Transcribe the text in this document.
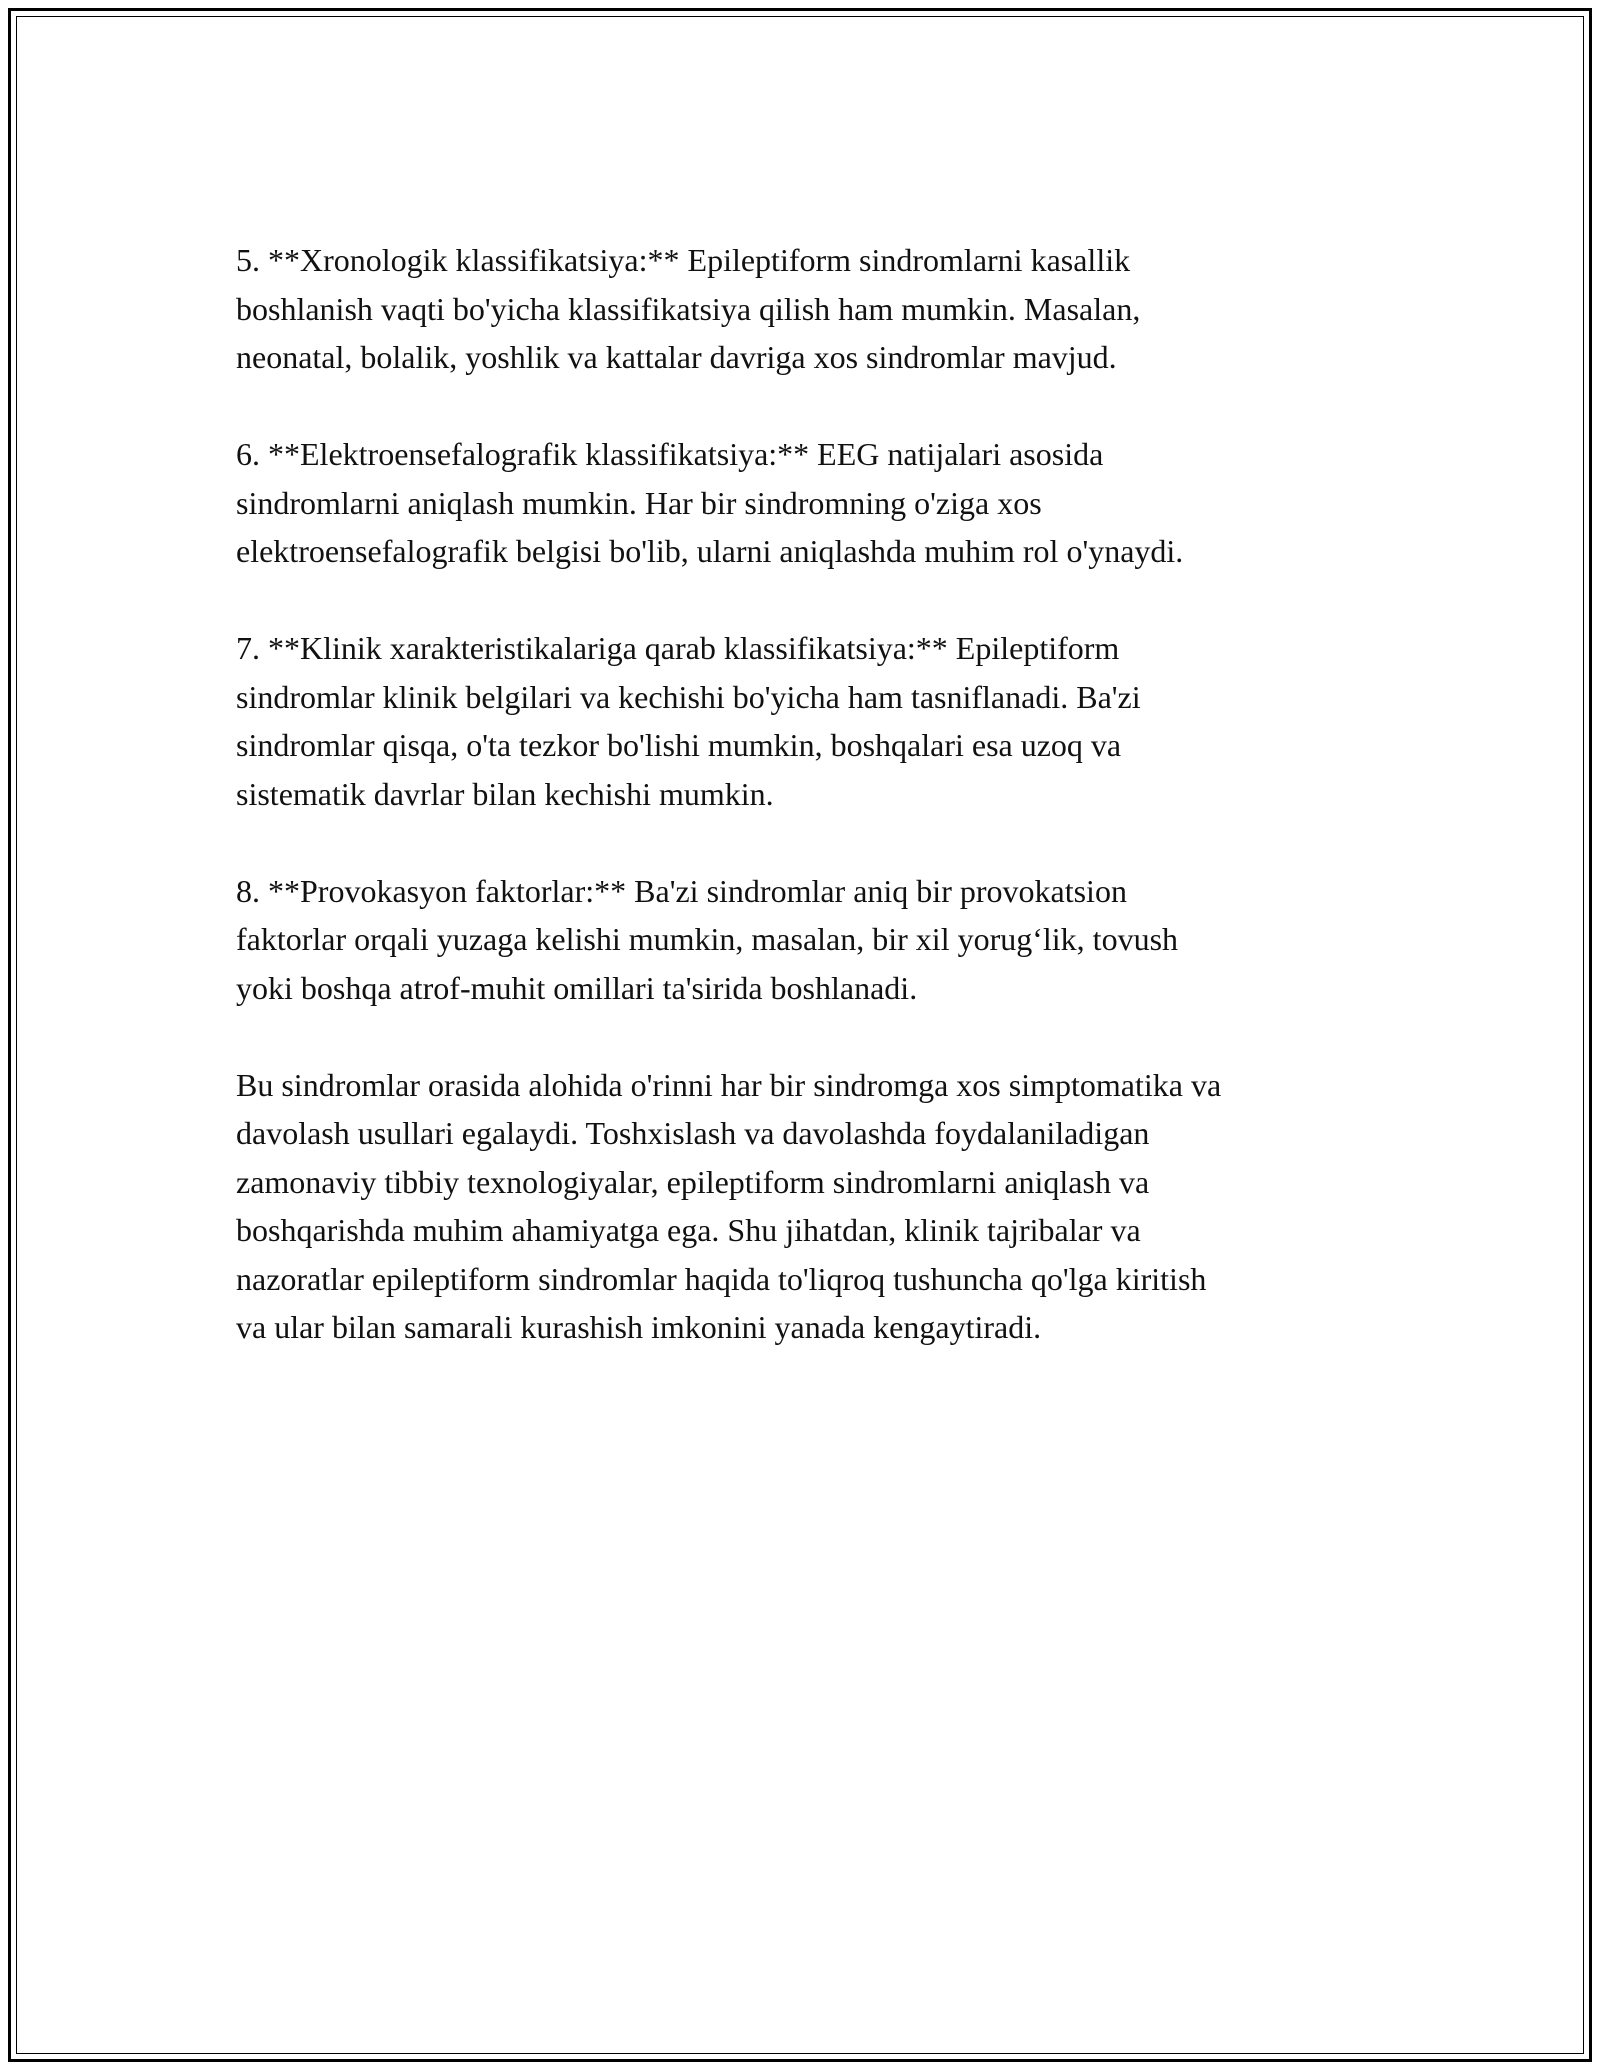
5. **Xronologik klassifikatsiya:** Epileptiform sindromlarni kasallik
boshlanish vaqti bo'yicha klassifikatsiya qilish ham mumkin. Masalan,
neonatal, bolalik, yoshlik va kattalar davriga xos sindromlar mavjud.

6. **Elektroensefalografik klassifikatsiya:** EEG natijalari asosida
sindromlarni aniqlash mumkin. Har bir sindromning o'ziga xos
elektroensefalografik belgisi bo'lib, ularni aniqlashda muhim rol o'ynaydi.

7. **Klinik xarakteristikalariga qarab klassifikatsiya:** Epileptiform
sindromlar klinik belgilari va kechishi bo'yicha ham tasniflanadi. Ba'zi
sindromlar qisqa, o'ta tezkor bo'lishi mumkin, boshqalari esa uzoq va
sistematik davrlar bilan kechishi mumkin.

8. **Provokasyon faktorlar:** Ba'zi sindromlar aniq bir provokatsion
faktorlar orqali yuzaga kelishi mumkin, masalan, bir xil yorug‘lik, tovush
yoki boshqa atrof-muhit omillari ta'sirida boshlanadi.

Bu sindromlar orasida alohida o'rinni har bir sindromga xos simptomatika va
davolash usullari egalaydi. Toshxislash va davolashda foydalaniladigan
zamonaviy tibbiy texnologiyalar, epileptiform sindromlarni aniqlash va
boshqarishda muhim ahamiyatga ega. Shu jihatdan, klinik tajribalar va
nazoratlar epileptiform sindromlar haqida to'liqroq tushuncha qo'lga kiritish
va ular bilan samarali kurashish imkonini yanada kengaytiradi.
